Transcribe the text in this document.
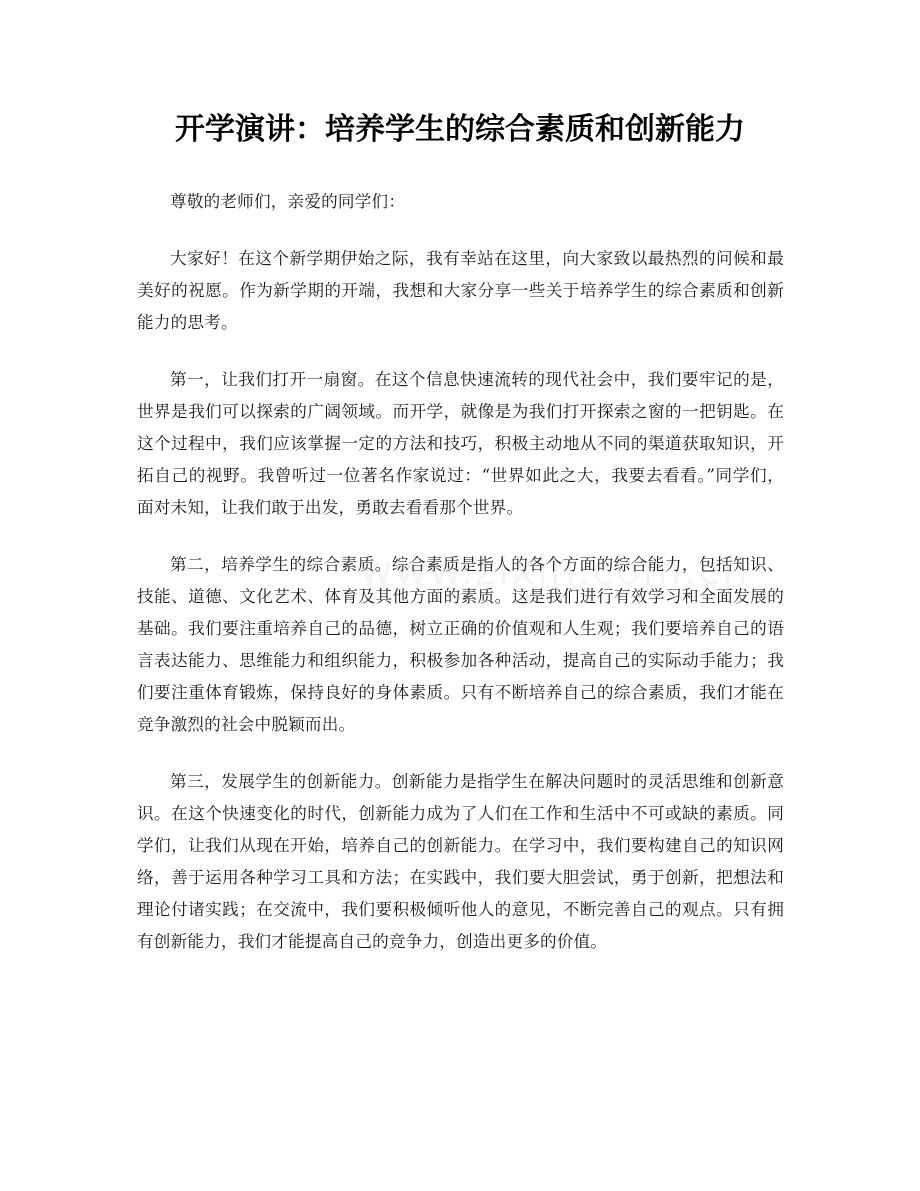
开学演讲：培养学生的综合素质和创新能力

尊敬的老师们，亲爱的同学们：

大家好！在这个新学期伊始之际，我有幸站在这里，向大家致以最热烈的问候和最美好的祝愿。作为新学期的开端，我想和大家分享一些关于培养学生的综合素质和创新能力的思考。

第一，让我们打开一扇窗。在这个信息快速流转的现代社会中，我们要牢记的是，世界是我们可以探索的广阔领域。而开学，就像是为我们打开探索之窗的一把钥匙。在这个过程中，我们应该掌握一定的方法和技巧，积极主动地从不同的渠道获取知识，开拓自己的视野。我曾听过一位著名作家说过：“世界如此之大，我要去看看。”同学们，面对未知，让我们敢于出发，勇敢去看看那个世界。

第二，培养学生的综合素质。综合素质是指人的各个方面的综合能力，包括知识、技能、道德、文化艺术、体育及其他方面的素质。这是我们进行有效学习和全面发展的基础。我们要注重培养自己的品德，树立正确的价值观和人生观；我们要培养自己的语言表达能力、思维能力和组织能力，积极参加各种活动，提高自己的实际动手能力；我们要注重体育锻炼，保持良好的身体素质。只有不断培养自己的综合素质，我们才能在竞争激烈的社会中脱颖而出。

第三，发展学生的创新能力。创新能力是指学生在解决问题时的灵活思维和创新意识。在这个快速变化的时代，创新能力成为了人们在工作和生活中不可或缺的素质。同学们，让我们从现在开始，培养自己的创新能力。在学习中，我们要构建自己的知识网络，善于运用各种学习工具和方法；在实践中，我们要大胆尝试，勇于创新，把想法和理论付诸实践；在交流中，我们要积极倾听他人的意见，不断完善自己的观点。只有拥有创新能力，我们才能提高自己的竞争力，创造出更多的价值。
